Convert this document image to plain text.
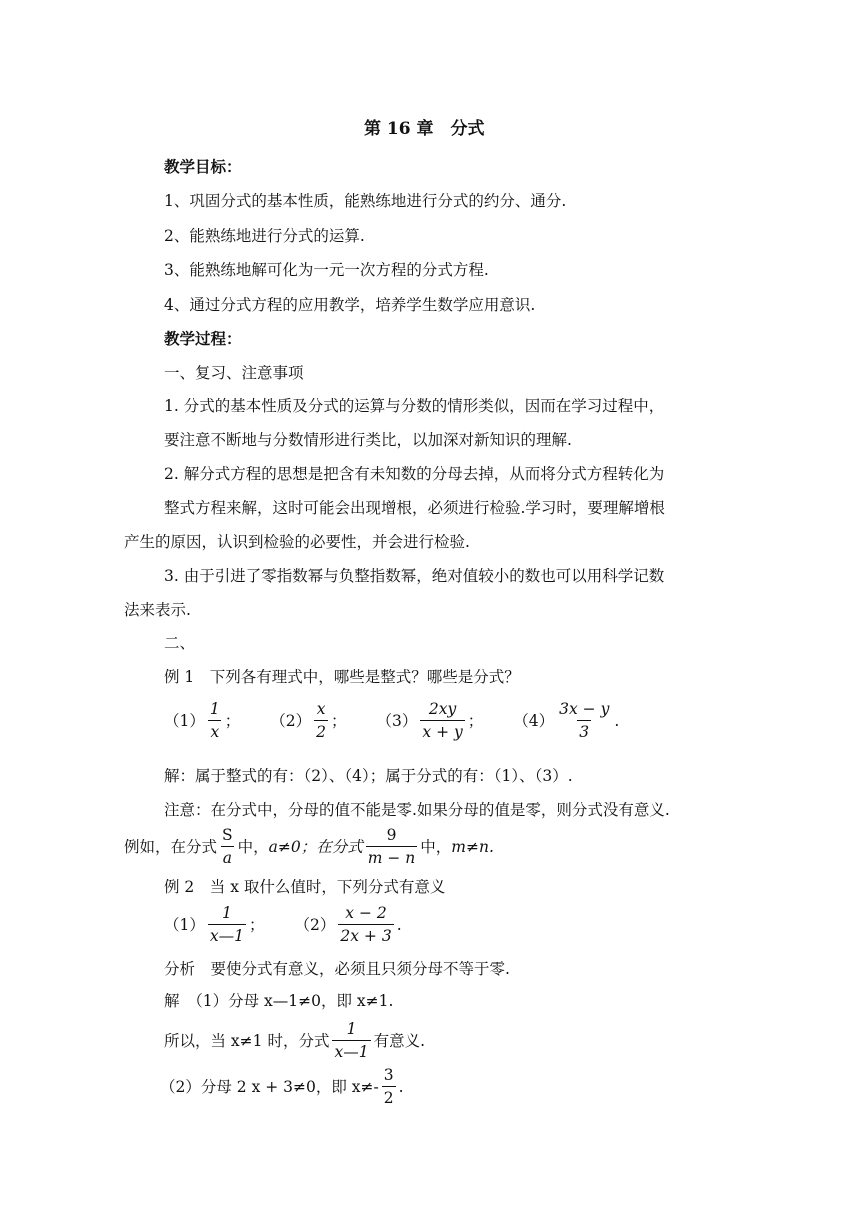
第 16 章　分式
教学目标：
1、巩固分式的基本性质，能熟练地进行分式的约分、通分.
2、能熟练地进行分式的运算.
3、能熟练地解可化为一元一次方程的分式方程.
4、通过分式方程的应用教学，培养学生数学应用意识.
教学过程：
一、复习、注意事项
1. 分式的基本性质及分式的运算与分数的情形类似，因而在学习过程中，
要注意不断地与分数情形进行类比，以加深对新知识的理解.
2. 解分式方程的思想是把含有未知数的分母去掉，从而将分式方程转化为
整式方程来解，这时可能会出现增根，必须进行检验.学习时，要理解增根
产生的原因，认识到检验的必要性，并会进行检验.
3. 由于引进了零指数幂与负整指数幂，绝对值较小的数也可以用科学记数
法来表示.
二、
例 1　下列各有理式中，哪些是整式？哪些是分式？
$(1) \frac{1}{x}$ ； $(2) \frac{x}{2}$ ； $(3) \frac{2xy}{x + y}$ ； $(4) \frac{3x - y}{3}$ .
解：属于整式的有：（2）、（4）；属于分式的有：（1）、（3）.
注意：在分式中，分母的值不能是零.如果分母的值是零，则分式没有意义.
例如，在分式 $\frac{S}{a}$ 中， a≠0；在分式 $\frac{9}{m - n}$ 中， m≠n.
例 2　当 x 取什么值时，下列分式有意义
$(1) \frac{1}{x—1}$ ； $(2) \frac{x - 2}{2x + 3}$ .
分析　要使分式有意义，必须且只须分母不等于零.
解　（1）分母 x—1≠0，即 x≠1.
所以，当 x≠1 时，分式 $\frac{1}{x—1}$ 有意义.
（2）分母 2 x + 3≠0，即 $x\ne- \frac{3}{2}$ .
